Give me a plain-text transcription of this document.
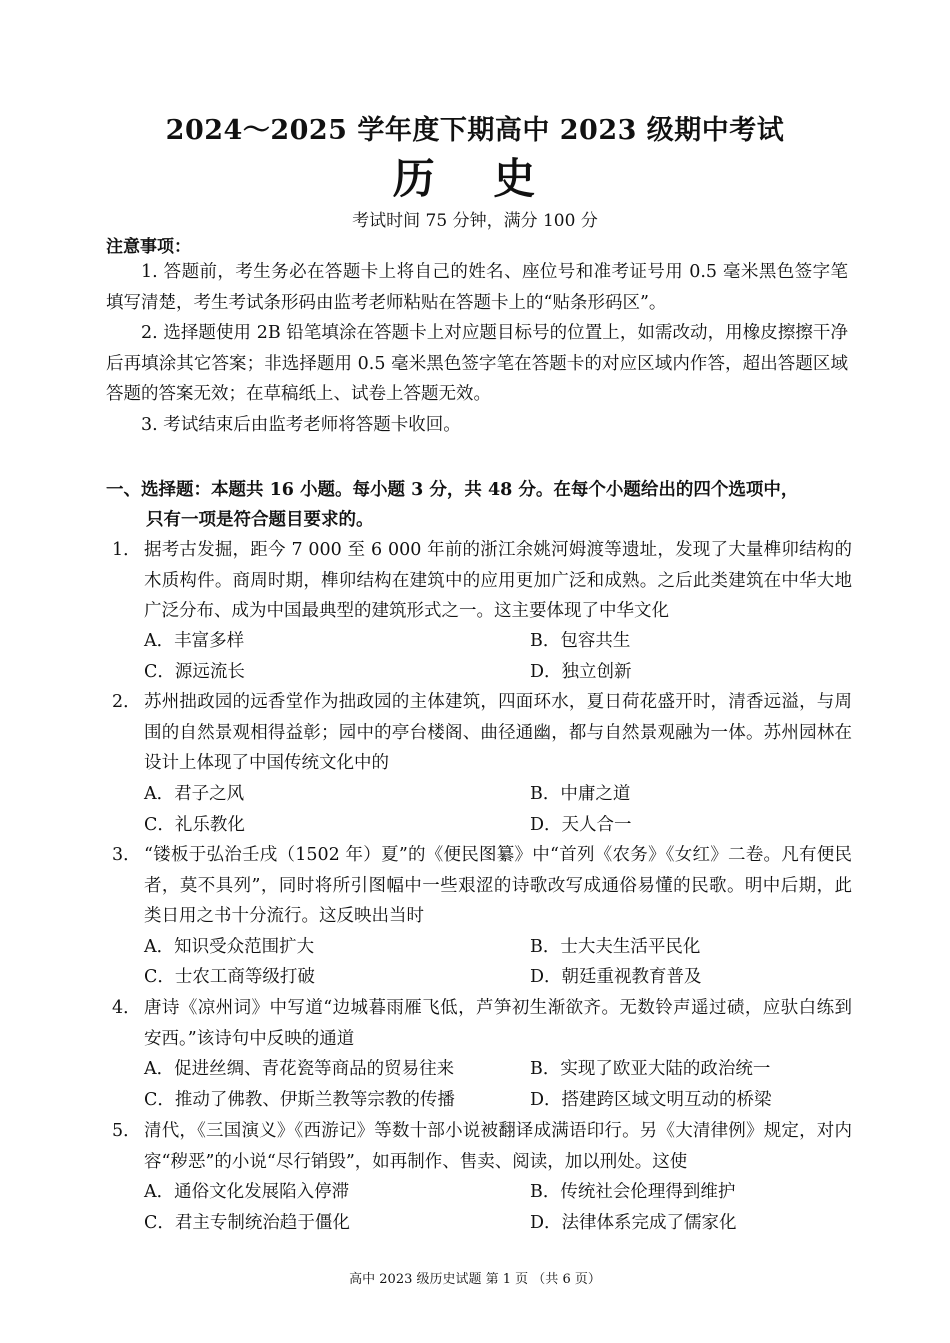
2024～2025 学年度下期高中 2023 级期中考试
历 史
考试时间 75 分钟，满分 100 分
注意事项：
1. 答题前，考生务必在答题卡上将自己的姓名、座位号和准考证号用 0.5 毫米黑色签字笔填写清楚，考生考试条形码由监考老师粘贴在答题卡上的“贴条形码区”。
2. 选择题使用 2B 铅笔填涂在答题卡上对应题目标号的位置上，如需改动，用橡皮擦擦干净后再填涂其它答案；非选择题用 0.5 毫米黑色签字笔在答题卡的对应区域内作答，超出答题区域答题的答案无效；在草稿纸上、试卷上答题无效。
3. 考试结束后由监考老师将答题卡收回。
一、选择题：本题共 16 小题。每小题 3 分，共 48 分。在每个小题给出的四个选项中，
只有一项是符合题目要求的。
1． 据考古发掘，距今 7 000 至 6 000 年前的浙江余姚河姆渡等遗址，发现了大量榫卯结构的木质构件。商周时期，榫卯结构在建筑中的应用更加广泛和成熟。之后此类建筑在中华大地广泛分布、成为中国最典型的建筑形式之一。这主要体现了中华文化
A．丰富多样	B．包容共生
C．源远流长	D．独立创新
2． 苏州拙政园的远香堂作为拙政园的主体建筑，四面环水，夏日荷花盛开时，清香远溢，与周围的自然景观相得益彰；园中的亭台楼阁、曲径通幽，都与自然景观融为一体。苏州园林在设计上体现了中国传统文化中的
A．君子之风	B．中庸之道
C．礼乐教化	D．天人合一
3． “镂板于弘治壬戌（1502 年）夏”的《便民图纂》中“首列《农务》《女红》二卷。凡有便民者，莫不具列”，同时将所引图幅中一些艰涩的诗歌改写成通俗易懂的民歌。明中后期，此类日用之书十分流行。这反映出当时
A．知识受众范围扩大	B．士大夫生活平民化
C．士农工商等级打破	D．朝廷重视教育普及
4． 唐诗《凉州词》中写道“边城暮雨雁飞低，芦笋初生渐欲齐。无数铃声遥过碛，应驮白练到安西。”该诗句中反映的通道
A．促进丝绸、青花瓷等商品的贸易往来	B．实现了欧亚大陆的政治统一
C．推动了佛教、伊斯兰教等宗教的传播	D．搭建跨区域文明互动的桥梁
5． 清代，《三国演义》《西游记》等数十部小说被翻译成满语印行。另《大清律例》规定，对内容“秽恶”的小说“尽行销毁”，如再制作、售卖、阅读，加以刑处。这使
A．通俗文化发展陷入停滞	B．传统社会伦理得到维护
C．君主专制统治趋于僵化	D．法律体系完成了儒家化
高中 2023 级历史试题 第 1 页 （共 6 页）
